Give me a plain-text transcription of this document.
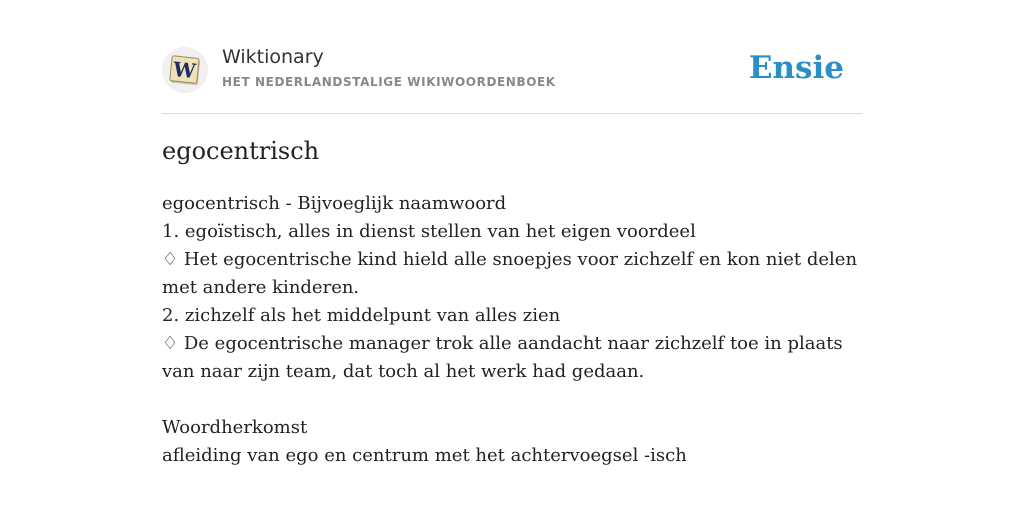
W Wiktionary
HET NEDERLANDSTALIGE WIKIWOORDENBOEK	Ensie
egocentrisch
egocentrisch - Bijvoeglijk naamwoord
1. egoïstisch, alles in dienst stellen van het eigen voordeel
♢ Het egocentrische kind hield alle snoepjes voor zichzelf en kon niet delen met andere kinderen.
2. zichzelf als het middelpunt van alles zien
♢ De egocentrische manager trok alle aandacht naar zichzelf toe in plaats van naar zijn team, dat toch al het werk had gedaan.
Woordherkomst
afleiding van ego en centrum met het achtervoegsel -isch
